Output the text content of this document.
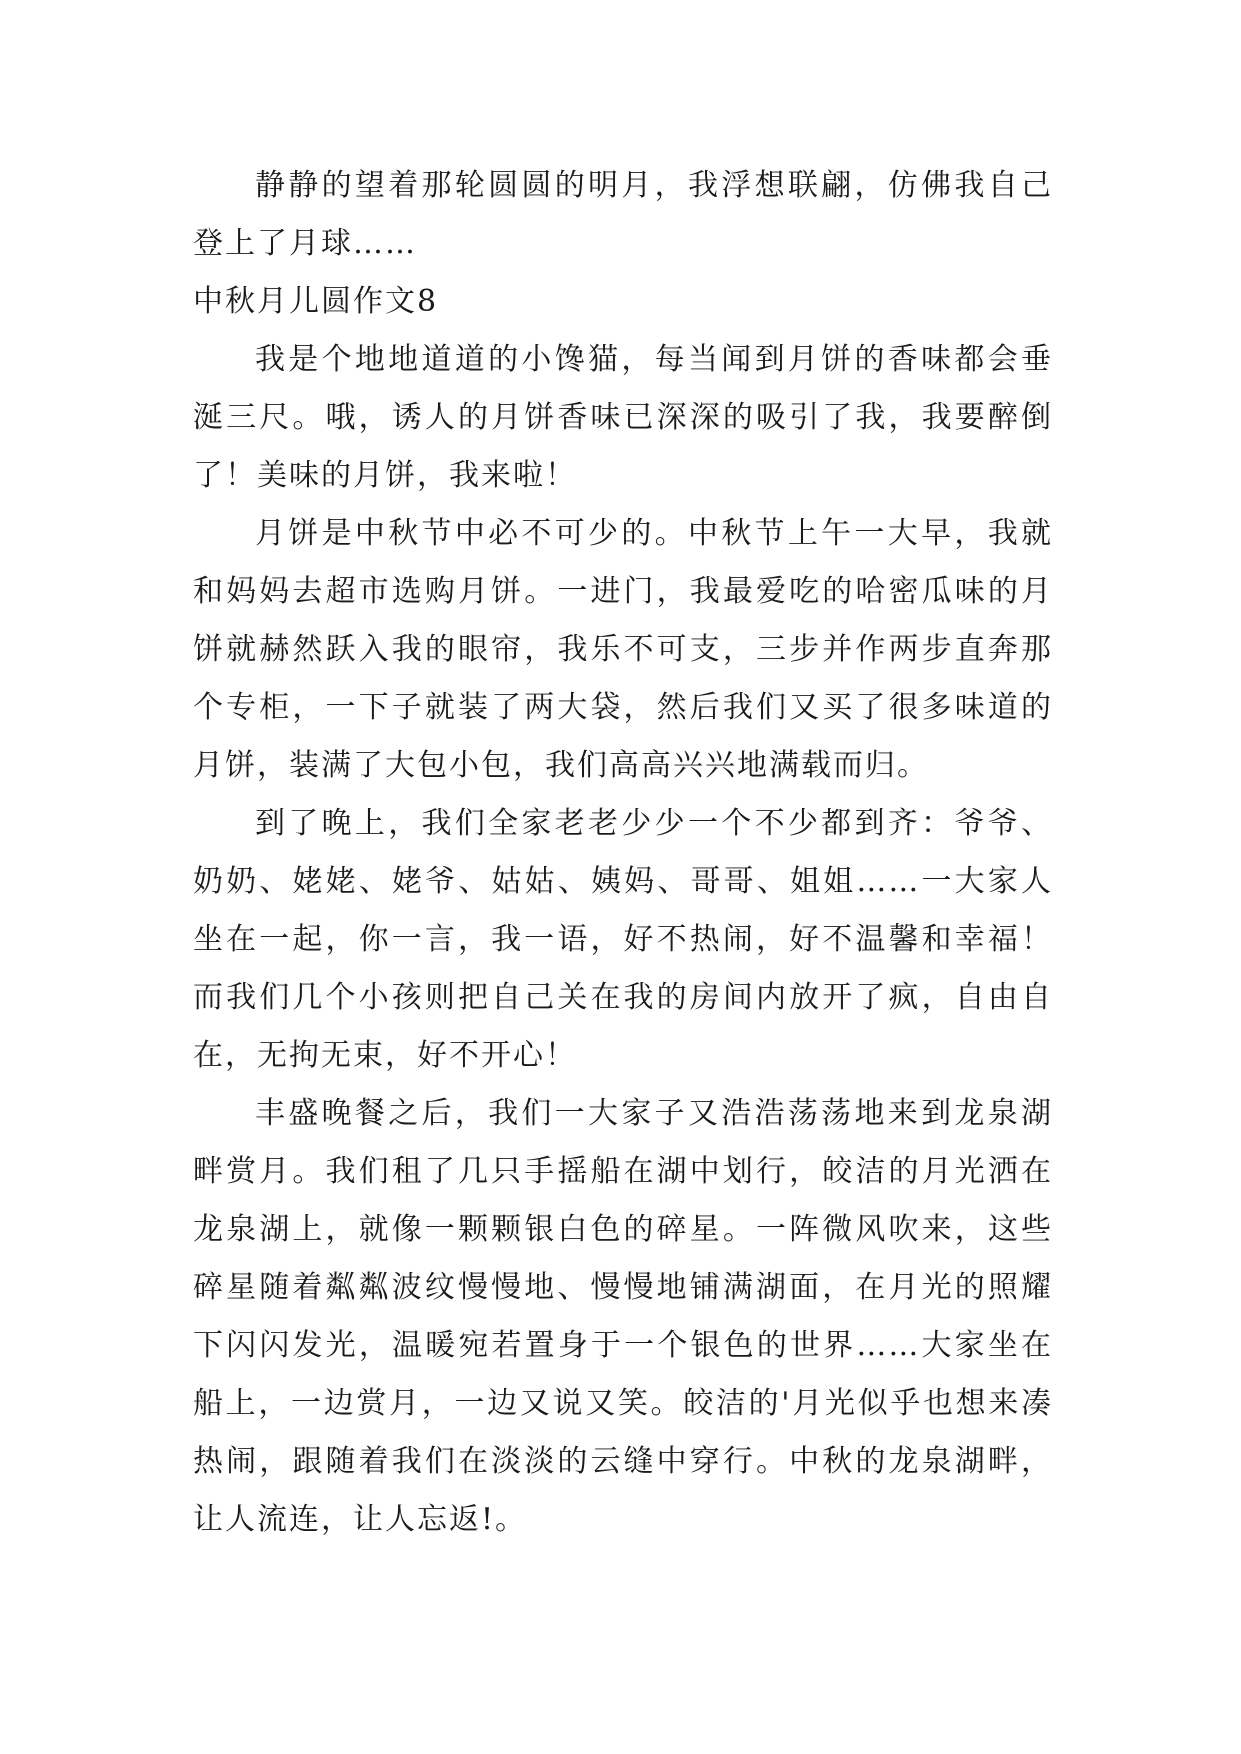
静静的望着那轮圆圆的明月，我浮想联翩，仿佛我自己登上了月球……

中秋月儿圆作文8

我是个地地道道的小馋猫，每当闻到月饼的香味都会垂涎三尺。哦，诱人的月饼香味已深深的吸引了我，我要醉倒了！美味的月饼，我来啦！

月饼是中秋节中必不可少的。中秋节上午一大早，我就和妈妈去超市选购月饼。一进门，我最爱吃的哈密瓜味的月饼就赫然跃入我的眼帘，我乐不可支，三步并作两步直奔那个专柜，一下子就装了两大袋，然后我们又买了很多味道的月饼，装满了大包小包，我们高高兴兴地满载而归。

到了晚上，我们全家老老少少一个不少都到齐：爷爷、奶奶、姥姥、姥爷、姑姑、姨妈、哥哥、姐姐……一大家人坐在一起，你一言，我一语，好不热闹，好不温馨和幸福！而我们几个小孩则把自己关在我的房间内放开了疯，自由自在，无拘无束，好不开心！

丰盛晚餐之后，我们一大家子又浩浩荡荡地来到龙泉湖畔赏月。我们租了几只手摇船在湖中划行，皎洁的月光洒在龙泉湖上，就像一颗颗银白色的碎星。一阵微风吹来，这些碎星随着粼粼波纹慢慢地、慢慢地铺满湖面，在月光的照耀下闪闪发光，温暖宛若置身于一个银色的世界……大家坐在船上，一边赏月，一边又说又笑。皎洁的'月光似乎也想来凑热闹，跟随着我们在淡淡的云缝中穿行。中秋的龙泉湖畔，让人流连，让人忘返!。
